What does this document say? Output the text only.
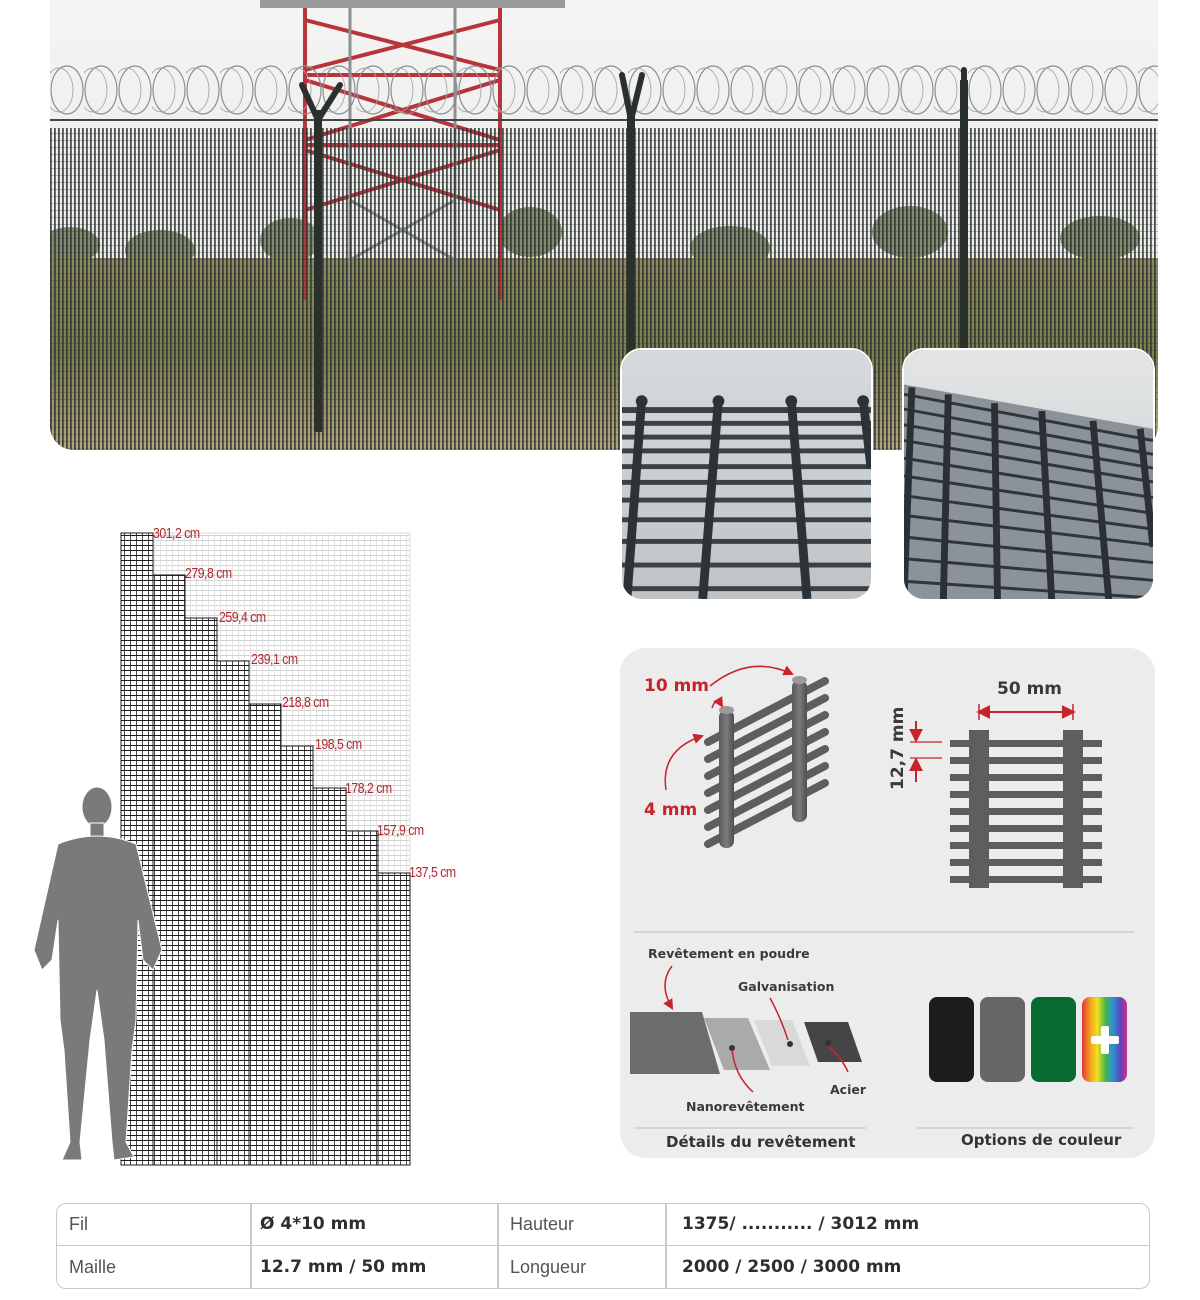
301,2 cm
279,8 cm
259,4 cm
239,1 cm
218,8 cm
198,5 cm
178,2 cm
157,9 cm
137,5 cm
10 mm
4 mm
50 mm
12,7 mm
Revêtement en poudre
Galvanisation
Nanorevêtement
Acier
Détails du revêtement	Options de couleur
Fil	Ø 4*10 mm	Hauteur	1375/ ........... / 3012 mm
Maille	12.7 mm / 50 mm	Longueur	2000 / 2500 / 3000 mm
